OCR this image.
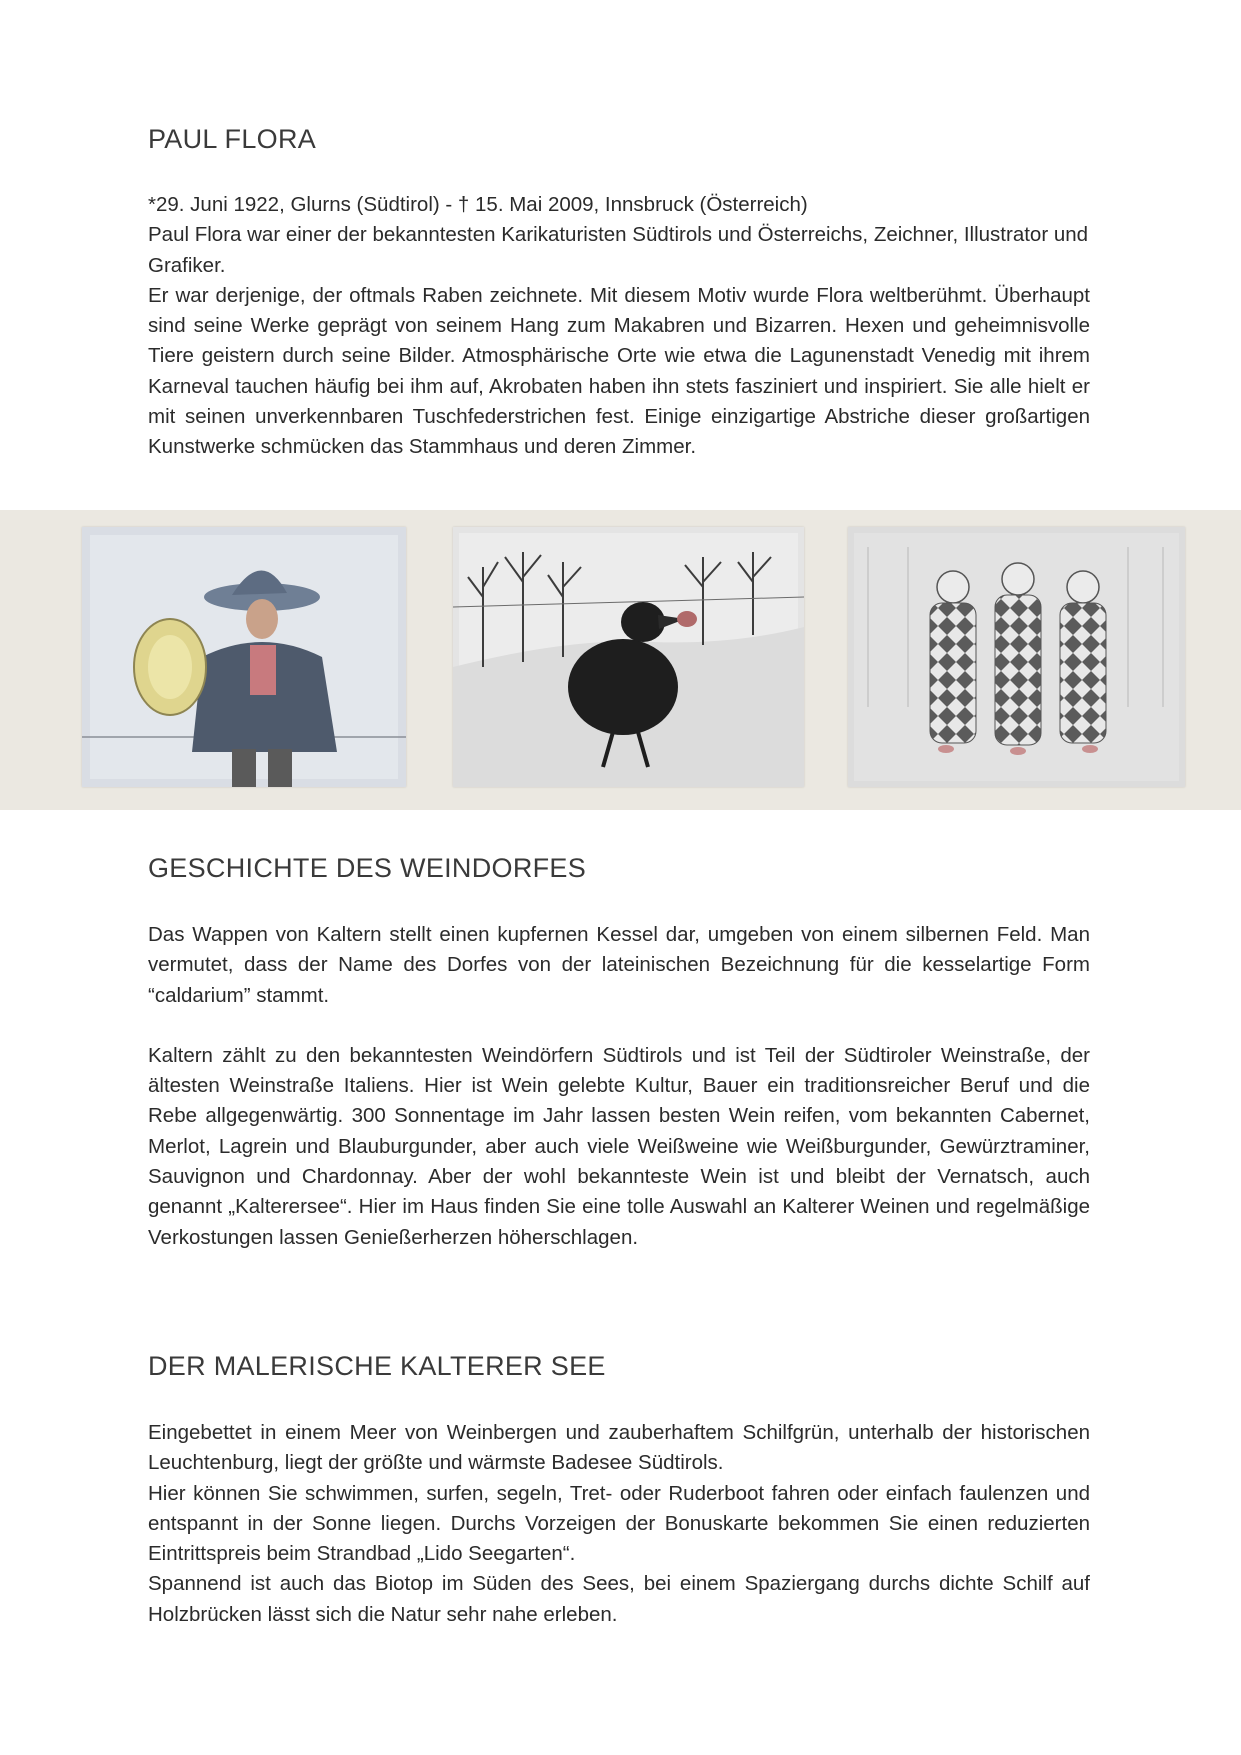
PAUL FLORA

*29. Juni 1922, Glurns (Südtirol) - † 15. Mai 2009, Innsbruck (Österreich)
Paul Flora war einer der bekanntesten Karikaturisten Südtirols und Österreichs, Zeichner, Illustrator und Grafiker.
Er war derjenige, der oftmals Raben zeichnete. Mit diesem Motiv wurde Flora weltberühmt. Überhaupt sind seine Werke geprägt von seinem Hang zum Makabren und Bizarren. Hexen und geheimnisvolle Tiere geistern durch seine Bilder. Atmosphärische Orte wie etwa die Lagunenstadt Venedig mit ihrem Karneval tauchen häufig bei ihm auf, Akrobaten haben ihn stets fasziniert und inspiriert. Sie alle hielt er mit seinen unverkennbaren Tuschfederstrichen fest. Einige einzigartige Abstriche dieser großartigen Kunstwerke schmücken das Stammhaus und deren Zimmer.

GESCHICHTE DES WEINDORFES

Das Wappen von Kaltern stellt einen kupfernen Kessel dar, umgeben von einem silbernen Feld. Man vermutet, dass der Name des Dorfes von der lateinischen Bezeichnung für die kesselartige Form “caldarium” stammt.

Kaltern zählt zu den bekanntesten Weindörfern Südtirols und ist Teil der Südtiroler Weinstraße, der ältesten Weinstraße Italiens. Hier ist Wein gelebte Kultur, Bauer ein traditionsreicher Beruf und die Rebe allgegenwärtig. 300 Sonnentage im Jahr lassen besten Wein reifen, vom bekannten Cabernet, Merlot, Lagrein und Blauburgunder, aber auch viele Weißweine wie Weißburgunder, Gewürztraminer, Sauvignon und Chardonnay. Aber der wohl bekannteste Wein ist und bleibt der Vernatsch, auch genannt „Kalterersee“. Hier im Haus finden Sie eine tolle Auswahl an Kalterer Weinen und regelmäßige Verkostungen lassen Genießerherzen höherschlagen.

DER MALERISCHE KALTERER SEE

Eingebettet in einem Meer von Weinbergen und zauberhaftem Schilfgrün, unterhalb der historischen Leuchtenburg, liegt der größte und wärmste Badesee Südtirols.
Hier können Sie schwimmen, surfen, segeln, Tret- oder Ruderboot fahren oder einfach faulenzen und entspannt in der Sonne liegen. Durchs Vorzeigen der Bonuskarte bekommen Sie einen reduzierten Eintrittspreis beim Strandbad „Lido Seegarten“.
Spannend ist auch das Biotop im Süden des Sees, bei einem Spaziergang durchs dichte Schilf auf Holzbrücken lässt sich die Natur sehr nahe erleben.
